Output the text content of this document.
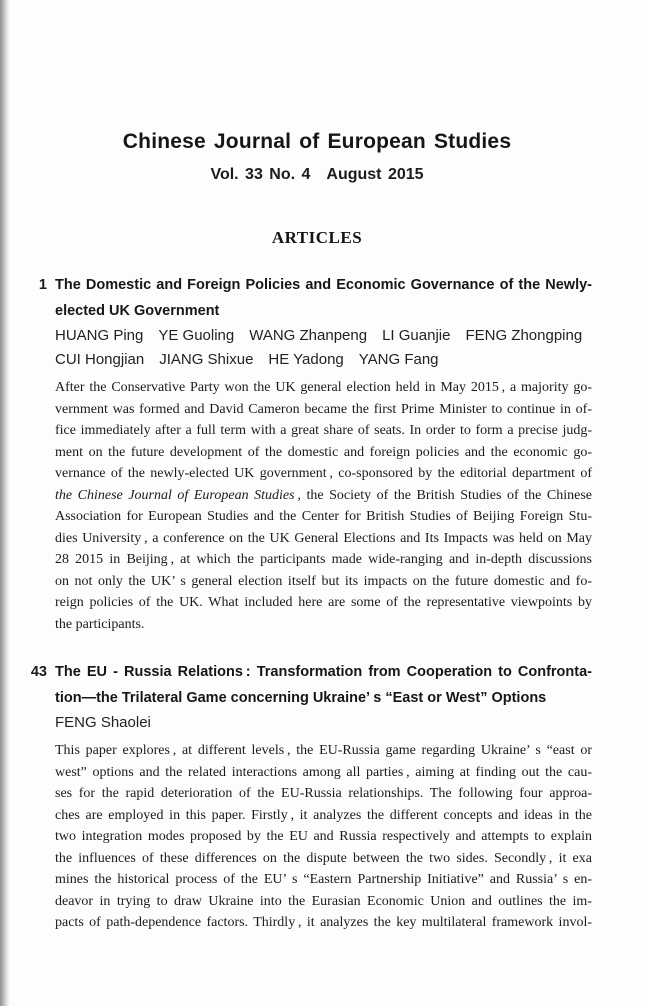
Chinese Journal of European Studies
Vol. 33 No. 4  August 2015
ARTICLES
1 The Domestic and Foreign Policies and Economic Governance of the Newly-
elected UK Government
HUANG Ping YE Guoling WANG Zhanpeng LI Guanjie FENG Zhongping
CUI Hongjian JIANG Shixue HE Yadong YANG Fang
After the Conservative Party won the UK general election held in May 2015 , a majority go-
vernment was formed and David Cameron became the first Prime Minister to continue in of-
fice immediately after a full term with a great share of seats. In order to form a precise judg-
ment on the future development of the domestic and foreign policies and the economic go-
vernance of the newly-elected UK government , co-sponsored by the editorial department of
the Chinese Journal of European Studies , the Society of the British Studies of the Chinese
Association for European Studies and the Center for British Studies of Beijing Foreign Stu-
dies University , a conference on the UK General Elections and Its Impacts was held on May
28 2015 in Beijing , at which the participants made wide-ranging and in-depth discussions
on not only the UK’ s general election itself but its impacts on the future domestic and fo-
reign policies of the UK. What included here are some of the representative viewpoints by
the participants.
43 The EU - Russia Relations : Transformation from Cooperation to Confronta-
tion—the Trilateral Game concerning Ukraine’ s “East or West” Options
FENG Shaolei
This paper explores , at different levels , the EU-Russia game regarding Ukraine’ s “east or
west” options and the related interactions among all parties , aiming at finding out the cau-
ses for the rapid deterioration of the EU-Russia relationships. The following four approa-
ches are employed in this paper. Firstly , it analyzes the different concepts and ideas in the
two integration modes proposed by the EU and Russia respectively and attempts to explain
the influences of these differences on the dispute between the two sides. Secondly , it exa
mines the historical process of the EU’ s “Eastern Partnership Initiative” and Russia’ s en-
deavor in trying to draw Ukraine into the Eurasian Economic Union and outlines the im-
pacts of path-dependence factors. Thirdly , it analyzes the key multilateral framework invol-
